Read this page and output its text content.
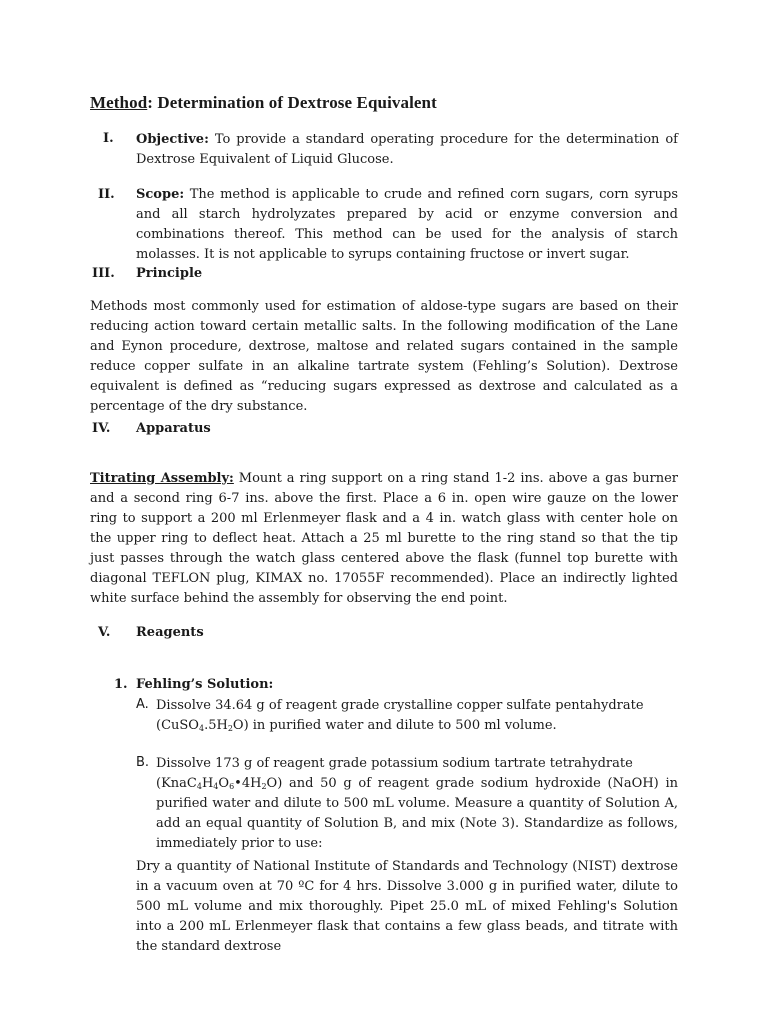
Method: Determination of Dextrose Equivalent
I. Objective: To provide a standard operating procedure for the determination of Dextrose Equivalent of Liquid Glucose.
II. Scope: The method is applicable to crude and refined corn sugars, corn syrups and all starch hydrolyzates prepared by acid or enzyme conversion and combinations thereof. This method can be used for the analysis of starch molasses. It is not applicable to syrups containing fructose or invert sugar.
III. Principle
Methods most commonly used for estimation of aldose-type sugars are based on their reducing action toward certain metallic salts. In the following modification of the Lane and Eynon procedure, dextrose, maltose and related sugars contained in the sample reduce copper sulfate in an alkaline tartrate system (Fehling’s Solution). Dextrose equivalent is defined as “reducing sugars expressed as dextrose and calculated as a percentage of the dry substance.
IV. Apparatus
Titrating Assembly: Mount a ring support on a ring stand 1-2 ins. above a gas burner and a second ring 6-7 ins. above the first. Place a 6 in. open wire gauze on the lower ring to support a 200 ml Erlenmeyer flask and a 4 in. watch glass with center hole on the upper ring to deflect heat. Attach a 25 ml burette to the ring stand so that the tip just passes through the watch glass centered above the flask (funnel top burette with diagonal TEFLON plug, KIMAX no. 17055F recommended). Place an indirectly lighted white surface behind the assembly for observing the end point.
V. Reagents
1. Fehling’s Solution:
A. Dissolve 34.64 g of reagent grade crystalline copper sulfate pentahydrate
$(CuSO_4.5H_2O)$ in purified water and dilute to 500 ml volume.
B. Dissolve 173 g of reagent grade potassium sodium tartrate tetrahydrate
$(KnaC_4H_4O_6•4H_2O)$ and 50 g of reagent grade sodium hydroxide (NaOH) in purified water and dilute to 500 mL volume. Measure a quantity of Solution A, add an equal quantity of Solution B, and mix (Note 3). Standardize as follows, immediately prior to use:
Dry a quantity of National Institute of Standards and Technology (NIST) dextrose in a vacuum oven at 70 ºC for 4 hrs. Dissolve 3.000 g in purified water, dilute to 500 mL volume and mix thoroughly. Pipet 25.0 mL of mixed Fehling's Solution into a 200 mL Erlenmeyer flask that contains a few glass beads, and titrate with the standard dextrose
